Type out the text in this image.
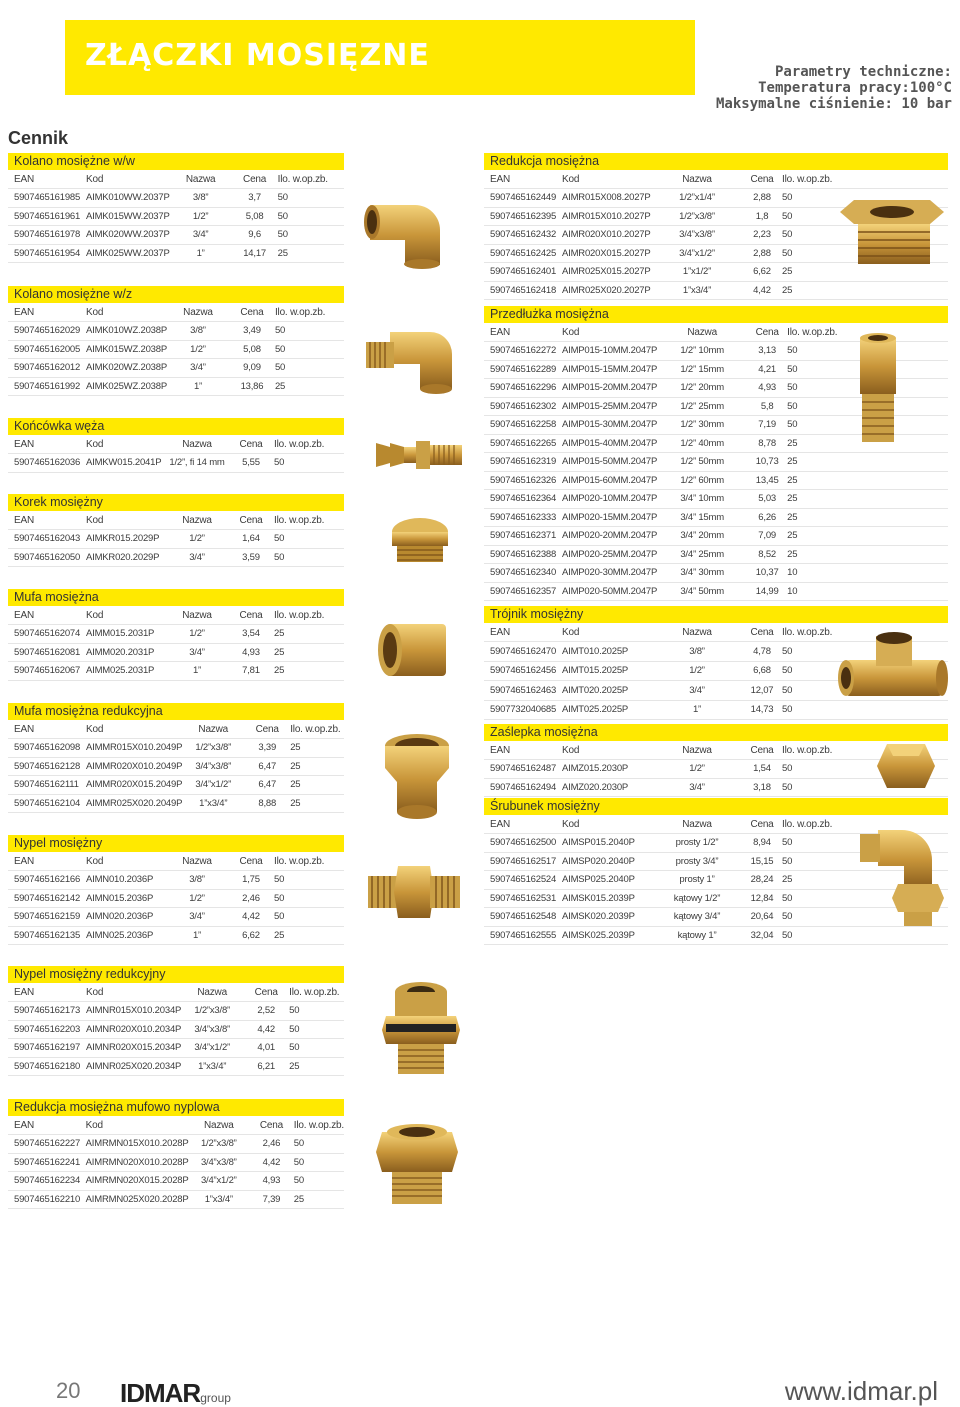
ZŁĄCZKI MOSIĘZNE	Parametry techniczne:
Temperatura pracy:100°C
Maksymalne ciśnienie: 10 bar
Cennik
Kolano mosiężne w/w
EAN	Kod	Nazwa	Cena	Ilo. w.op.zb.
5907465161985	AIMK010WW.2037P	3/8”	3,7	50
5907465161961	AIMK015WW.2037P	1/2”	5,08	50
5907465161978	AIMK020WW.2037P	3/4”	9,6	50
5907465161954	AIMK025WW.2037P	1”	14,17	25
Kolano mosiężne w/z
EAN	Kod	Nazwa	Cena	Ilo. w.op.zb.
5907465162029	AIMK010WZ.2038P	3/8”	3,49	50
5907465162005	AIMK015WZ.2038P	1/2”	5,08	50
5907465162012	AIMK020WZ.2038P	3/4”	9,09	50
5907465161992	AIMK025WZ.2038P	1”	13,86	25
Końcówka węża
EAN	Kod	Nazwa	Cena	Ilo. w.op.zb.
5907465162036	AIMKW015.2041P	1/2”, fi 14 mm	5,55	50
Korek mosiężny
EAN	Kod	Nazwa	Cena	Ilo. w.op.zb.
5907465162043	AIMKR015.2029P	1/2”	1,64	50
5907465162050	AIMKR020.2029P	3/4”	3,59	50
Mufa mosiężna
EAN	Kod	Nazwa	Cena	Ilo. w.op.zb.
5907465162074	AIMM015.2031P	1/2”	3,54	25
5907465162081	AIMM020.2031P	3/4”	4,93	25
5907465162067	AIMM025.2031P	1”	7,81	25
Mufa mosiężna redukcyjna
EAN	Kod	Nazwa	Cena	Ilo. w.op.zb.
5907465162098	AIMMR015X010.2049P	1/2”x3/8”	3,39	25
5907465162128	AIMMR020X010.2049P	3/4”x3/8”	6,47	25
5907465162111	AIMMR020X015.2049P	3/4”x1/2”	6,47	25
5907465162104	AIMMR025X020.2049P	1”x3/4”	8,88	25
Nypel mosiężny
EAN	Kod	Nazwa	Cena	Ilo. w.op.zb.
5907465162166	AIMN010.2036P	3/8”	1,75	50
5907465162142	AIMN015.2036P	1/2”	2,46	50
5907465162159	AIMN020.2036P	3/4”	4,42	50
5907465162135	AIMN025.2036P	1”	6,62	25
Nypel mosiężny redukcyjny
EAN	Kod	Nazwa	Cena	Ilo. w.op.zb.
5907465162173	AIMNR015X010.2034P	1/2”x3/8”	2,52	50
5907465162203	AIMNR020X010.2034P	3/4”x3/8”	4,42	50
5907465162197	AIMNR020X015.2034P	3/4”x1/2”	4,01	50
5907465162180	AIMNR025X020.2034P	1”x3/4”	6,21	25
Redukcja mosiężna mufowo nyplowa
EAN	Kod	Nazwa	Cena	Ilo. w.op.zb.
5907465162227	AIMRMN015X010.2028P	1/2”x3/8”	2,46	50
5907465162241	AIMRMN020X010.2028P	3/4”x3/8”	4,42	50
5907465162234	AIMRMN020X015.2028P	3/4”x1/2”	4,93	50
5907465162210	AIMRMN025X020.2028P	1”x3/4”	7,39	25
Redukcja mosiężna
EAN	Kod	Nazwa	Cena	Ilo. w.op.zb.
5907465162449	AIMR015X008.2027P	1/2”x1/4”	2,88	50
5907465162395	AIMR015X010.2027P	1/2”x3/8”	1,8	50
5907465162432	AIMR020X010.2027P	3/4”x3/8”	2,23	50
5907465162425	AIMR020X015.2027P	3/4”x1/2”	2,88	50
5907465162401	AIMR025X015.2027P	1”x1/2”	6,62	25
5907465162418	AIMR025X020.2027P	1”x3/4”	4,42	25
Przedłużka mosiężna
EAN	Kod	Nazwa	Cena	Ilo. w.op.zb.
5907465162272	AIMP015-10MM.2047P	1/2” 10mm	3,13	50
5907465162289	AIMP015-15MM.2047P	1/2” 15mm	4,21	50
5907465162296	AIMP015-20MM.2047P	1/2” 20mm	4,93	50
5907465162302	AIMP015-25MM.2047P	1/2” 25mm	5,8	50
5907465162258	AIMP015-30MM.2047P	1/2” 30mm	7,19	50
5907465162265	AIMP015-40MM.2047P	1/2” 40mm	8,78	25
5907465162319	AIMP015-50MM.2047P	1/2” 50mm	10,73	25
5907465162326	AIMP015-60MM.2047P	1/2” 60mm	13,45	25
5907465162364	AIMP020-10MM.2047P	3/4” 10mm	5,03	25
5907465162333	AIMP020-15MM.2047P	3/4” 15mm	6,26	25
5907465162371	AIMP020-20MM.2047P	3/4” 20mm	7,09	25
5907465162388	AIMP020-25MM.2047P	3/4” 25mm	8,52	25
5907465162340	AIMP020-30MM.2047P	3/4” 30mm	10,37	10
5907465162357	AIMP020-50MM.2047P	3/4” 50mm	14,99	10
Trójnik mosiężny
EAN	Kod	Nazwa	Cena	Ilo. w.op.zb.
5907465162470	AIMT010.2025P	3/8”	4,78	50
5907465162456	AIMT015.2025P	1/2”	6,68	50
5907465162463	AIMT020.2025P	3/4”	12,07	50
5907732040685	AIMT025.2025P	1”	14,73	50
Zaślepka mosiężna
EAN	Kod	Nazwa	Cena	Ilo. w.op.zb.
5907465162487	AIMZ015.2030P	1/2”	1,54	50
5907465162494	AIMZ020.2030P	3/4”	3,18	50
Śrubunek mosiężny
EAN	Kod	Nazwa	Cena	Ilo. w.op.zb.
5907465162500	AIMSP015.2040P	prosty 1/2”	8,94	50
5907465162517	AIMSP020.2040P	prosty 3/4”	15,15	50
5907465162524	AIMSP025.2040P	prosty 1”	28,24	25
5907465162531	AIMSK015.2039P	kątowy 1/2”	12,84	50
5907465162548	AIMSK020.2039P	kątowy 3/4”	20,64	50
5907465162555	AIMSK025.2039P	kątowy 1”	32,04	50
20 IDMARgroup	www.idmar.pl
